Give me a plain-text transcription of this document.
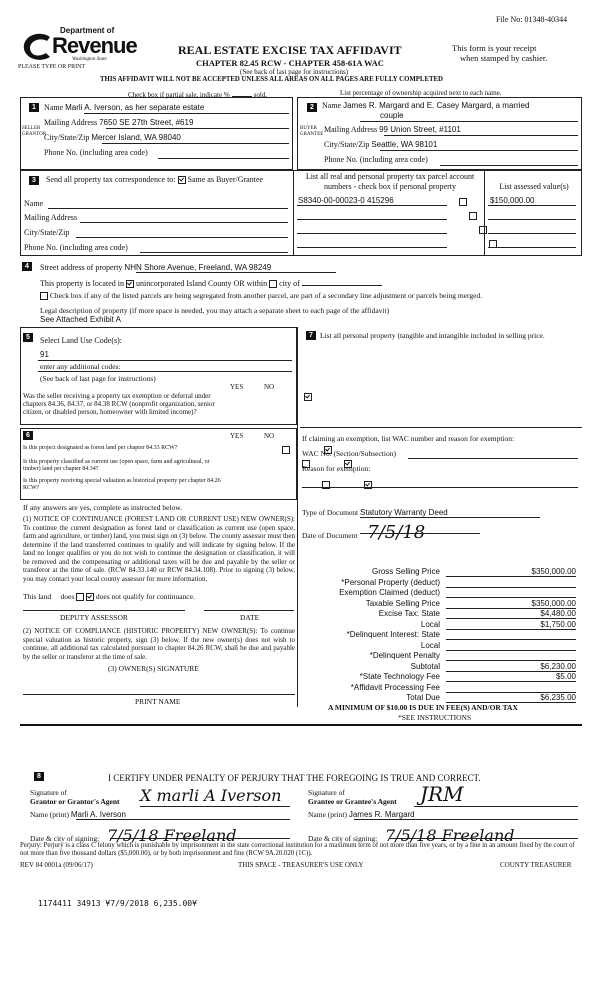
File No: 01348-40344
Department of
Revenue
Washington State
PLEASE TYPE OR PRINT
REAL ESTATE EXCISE TAX AFFIDAVIT
CHAPTER 82.45 RCW - CHAPTER 458-61A WAC
This form is your receipt
when stamped by cashier.
(See back of last page for instructions)
THIS AFFIDAVIT WILL NOT BE ACCEPTED UNLESS ALL AREAS ON ALL PAGES ARE FULLY COMPLETED
Check box if partial sale, indicate %	sold.	List percentage of ownership acquired next to each name.
1	2
SELLER GRANTOR
BUYER GRANTEE
Name Marli A. Iverson, as her separate estate
Mailing Address 7650 SE 27th Street, #619
City/State/Zip Mercer Island, WA 98040
Phone No. (including area code)
Name James R. Margard and E. Casey Margard, a married
couple
Mailing Address 99 Union Street, #1101
City/State/Zip Seattle, WA 98101
Phone No. (including area code)
3	Send all property tax correspondence to: Same as Buyer/Grantee
Name
Mailing Address
City/State/Zip
Phone No. (including area code)
List all real and personal property tax parcel account numbers - check box if personal property	List assessed value(s)
S8340-00-00023-0 415296	$150,000.00

4	Street address of property NHN Shore Avenue, Freeland, WA 98249
This property is located in unincorporated Island County OR within city of
Check box if any of the listed parcels are being segregated from another parcel, are part of a secondary line adjustment or parcels being merged.
Legal description of property (if more space is needed, you may attach a separate sheet to each page of the affidavit)
See Attached Exhibit A
5	Select Land Use Code(s):
91
enter any additional codes:
(See back of last page for instructions)
YES	NO
Was the seller receiving a property tax exemption or deferral under chapters 84.36, 84.37, or 84.38 RCW (nonprofit organization, senior citizen, or disabled person, homeowner with limited income)?

6	YES	NO
Is this project designated as forest land per chapter 84.33 RCW?

Is this property classified as current use (open space, farm and agricultural, or timber) land per chapter 84.34?

Is this property receiving special valuation as historical property per chapter 84.26 RCW?

If any answers are yes, complete as instructed below.
(1) NOTICE OF CONTINUANCE (FOREST LAND OR CURRENT USE) NEW OWNER(S): To continue the current designation as forest land or classification as current use (open space, farm and agriculture, or timber) land, you must sign on (3) below. The county assessor must then determine if the land transferred continues to qualify and will indicate by signing below. If the land no longer qualifies or you do not wish to continue the designation or classification, it will be removed and the compensating or additional taxes will be due and payable by the seller or transferor at the time of sale. (RCW 84.33.140 or RCW 84.34.108). Prior to signing (3) below, you may contact your local county assessor for more information.
This land does	does not qualify for continuance.
DEPUTY ASSESSOR	DATE
(2) NOTICE OF COMPLIANCE (HISTORIC PROPERTY) NEW OWNER(S): To continue special valuation as historic property, sign (3) below. If the new owner(s) does not wish to continue, all additional tax calculated pursuant to chapter 84.26 RCW, shall be due and payable by the seller or transferor at the time of sale.
(3) OWNER(S) SIGNATURE
PRINT NAME
7 List all personal property (tangible and intangible included in selling price.
If claiming an exemption, list WAC number and reason for exemption:
WAC No. (Section/Subsection)
Reason for exemption:
Type of Document Statutory Warranty Deed
Date of Document 7/5/18
Gross Selling Price	$350,000.00
*Personal Property (deduct)
Exemption Claimed (deduct)
Taxable Selling Price	$350,000.00
Excise Tax: State	$4,480.00
Local	$1,750.00
*Delinquent Interest: State
Local
*Delinquent Penalty
Subtotal	$6,230.00
*State Technology Fee	$5.00
*Affidavit Processing Fee
Total Due	$6,235.00
A MINIMUM OF $10.00 IS DUE IN FEE(S) AND/OR TAX
*SEE INSTRUCTIONS
8	I CERTIFY UNDER PENALTY OF PERJURY THAT THE FOREGOING IS TRUE AND CORRECT.
Signature of
Grantor or Grantor's Agent X marli A Iverson	Signature of
Grantee or Grantee's Agent JRM
Name (print) Marli A. Iverson	Name (print) James R. Margard
Date & city of signing: 7/5/18 Freeland	Date & city of signing: 7/5/18 Freeland
Perjury: Perjury is a class C felony which is punishable by imprisonment in the state correctional institution for a maximum term of not more than five years, or by a fine in an amount fixed by the court of not more than five thousand dollars ($5,000.00), or by both imprisonment and fine (RCW 9A.20.020 (1C)).
REV 84 0001a (09/06/17)	THIS SPACE - TREASURER'S USE ONLY	COUNTY TREASURER
1174411 34913 ¥7/9/2018 6,235.00¥
